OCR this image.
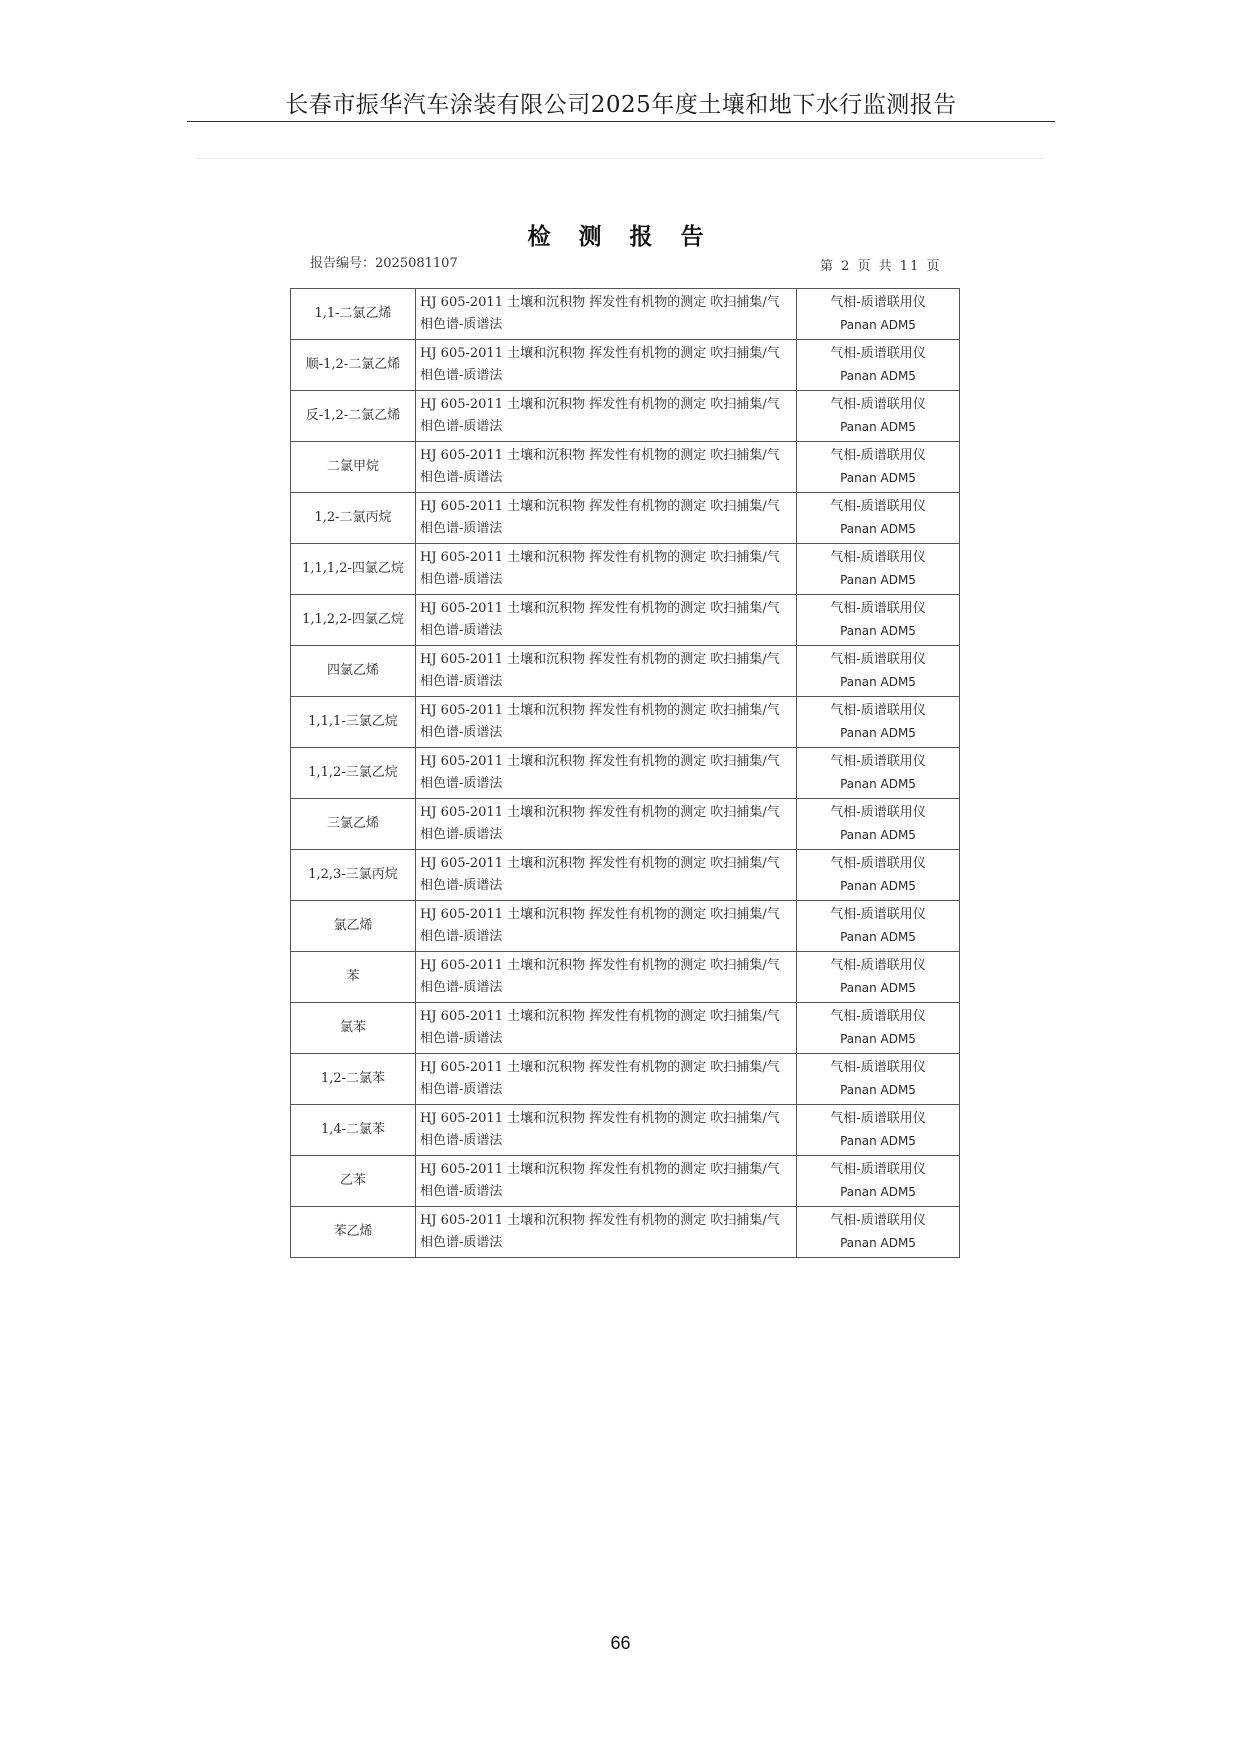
长春市振华汽车涂装有限公司2025年度土壤和地下水行监测报告
检 测 报 告
报告编号：2025081107	第 2 页 共 11 页
1,1-二氯乙烯	HJ 605-2011 土壤和沉积物 挥发性有机物的测定 吹扫捕集/气相色谱-质谱法	气相-质谱联用仪
Panan ADM5

顺-1,2-二氯乙烯	HJ 605-2011 土壤和沉积物 挥发性有机物的测定 吹扫捕集/气相色谱-质谱法	气相-质谱联用仪
Panan ADM5

反-1,2-二氯乙烯	HJ 605-2011 土壤和沉积物 挥发性有机物的测定 吹扫捕集/气相色谱-质谱法	气相-质谱联用仪
Panan ADM5

二氯甲烷	HJ 605-2011 土壤和沉积物 挥发性有机物的测定 吹扫捕集/气相色谱-质谱法	气相-质谱联用仪
Panan ADM5

1,2-二氯丙烷	HJ 605-2011 土壤和沉积物 挥发性有机物的测定 吹扫捕集/气相色谱-质谱法	气相-质谱联用仪
Panan ADM5

1,1,1,2-四氯乙烷	HJ 605-2011 土壤和沉积物 挥发性有机物的测定 吹扫捕集/气相色谱-质谱法	气相-质谱联用仪
Panan ADM5

1,1,2,2-四氯乙烷	HJ 605-2011 土壤和沉积物 挥发性有机物的测定 吹扫捕集/气相色谱-质谱法	气相-质谱联用仪
Panan ADM5

四氯乙烯	HJ 605-2011 土壤和沉积物 挥发性有机物的测定 吹扫捕集/气相色谱-质谱法	气相-质谱联用仪
Panan ADM5

1,1,1-三氯乙烷	HJ 605-2011 土壤和沉积物 挥发性有机物的测定 吹扫捕集/气相色谱-质谱法	气相-质谱联用仪
Panan ADM5

1,1,2-三氯乙烷	HJ 605-2011 土壤和沉积物 挥发性有机物的测定 吹扫捕集/气相色谱-质谱法	气相-质谱联用仪
Panan ADM5

三氯乙烯	HJ 605-2011 土壤和沉积物 挥发性有机物的测定 吹扫捕集/气相色谱-质谱法	气相-质谱联用仪
Panan ADM5

1,2,3-三氯丙烷	HJ 605-2011 土壤和沉积物 挥发性有机物的测定 吹扫捕集/气相色谱-质谱法	气相-质谱联用仪
Panan ADM5

氯乙烯	HJ 605-2011 土壤和沉积物 挥发性有机物的测定 吹扫捕集/气相色谱-质谱法	气相-质谱联用仪
Panan ADM5

苯	HJ 605-2011 土壤和沉积物 挥发性有机物的测定 吹扫捕集/气相色谱-质谱法	气相-质谱联用仪
Panan ADM5

氯苯	HJ 605-2011 土壤和沉积物 挥发性有机物的测定 吹扫捕集/气相色谱-质谱法	气相-质谱联用仪
Panan ADM5

1,2-二氯苯	HJ 605-2011 土壤和沉积物 挥发性有机物的测定 吹扫捕集/气相色谱-质谱法	气相-质谱联用仪
Panan ADM5

1,4-二氯苯	HJ 605-2011 土壤和沉积物 挥发性有机物的测定 吹扫捕集/气相色谱-质谱法	气相-质谱联用仪
Panan ADM5

乙苯	HJ 605-2011 土壤和沉积物 挥发性有机物的测定 吹扫捕集/气相色谱-质谱法	气相-质谱联用仪
Panan ADM5

苯乙烯	HJ 605-2011 土壤和沉积物 挥发性有机物的测定 吹扫捕集/气相色谱-质谱法	气相-质谱联用仪
Panan ADM5
66
